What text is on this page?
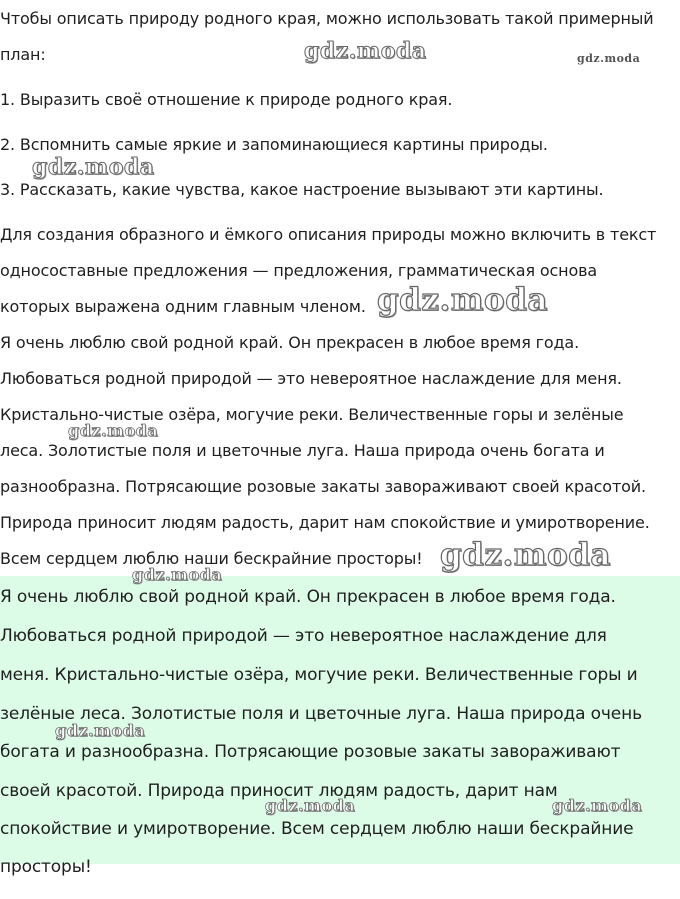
Чтобы описать природу родного края, можно использовать такой примерный
план:
1. Выразить своё отношение к природе родного края.
2. Вспомнить самые яркие и запоминающиеся картины природы.
3. Рассказать, какие чувства, какое настроение вызывают эти картины.
Для создания образного и ёмкого описания природы можно включить в текст
односоставные предложения — предложения, грамматическая основа
которых выражена одним главным членом.
Я очень люблю свой родной край. Он прекрасен в любое время года.
Любоваться родной природой — это невероятное наслаждение для меня.
Кристально-чистые озёра, могучие реки. Величественные горы и зелёные
леса. Золотистые поля и цветочные луга. Наша природа очень богата и
разнообразна. Потрясающие розовые закаты завораживают своей красотой.
Природа приносит людям радость, дарит нам спокойствие и умиротворение.
Всем сердцем люблю наши бескрайние просторы!
Я очень люблю свой родной край. Он прекрасен в любое время года.
Любоваться родной природой — это невероятное наслаждение для
меня. Кристально-чистые озёра, могучие реки. Величественные горы и
зелёные леса. Золотистые поля и цветочные луга. Наша природа очень
богата и разнообразна. Потрясающие розовые закаты завораживают
своей красотой. Природа приносит людям радость, дарит нам
спокойствие и умиротворение. Всем сердцем люблю наши бескрайние
просторы!
gdz.moda	gdz.moda
gdz.moda
gdz.moda
gdz.moda
gdz.moda
gdz.moda
gdz.moda
gdz.moda	gdz.moda
